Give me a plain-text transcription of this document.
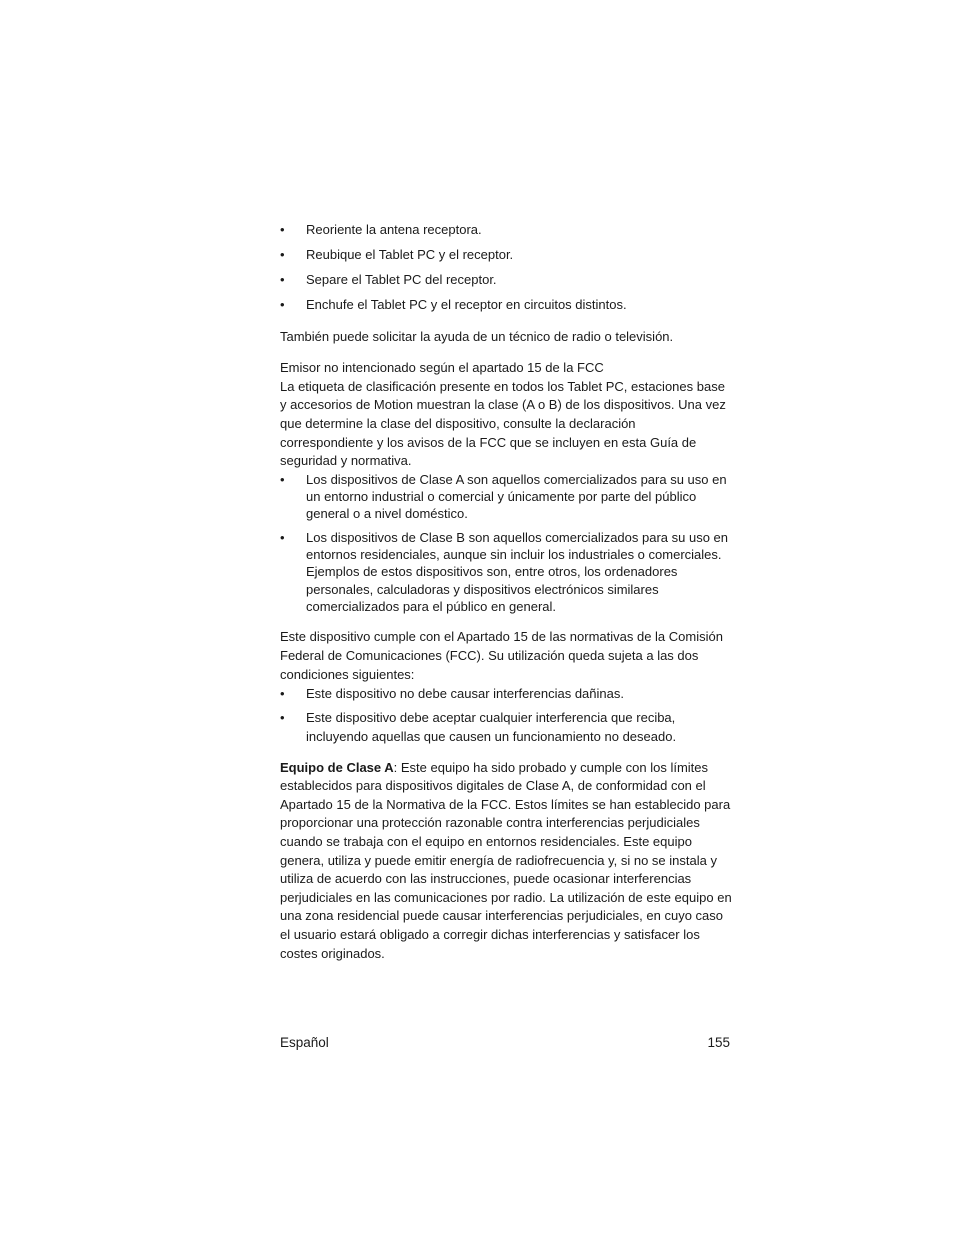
• Reoriente la antena receptora.
• Reubique el Tablet PC y el receptor.
• Separe el Tablet PC del receptor.
• Enchufe el Tablet PC y el receptor en circuitos distintos.

También puede solicitar la ayuda de un técnico de radio o televisión.

Emisor no intencionado según el apartado 15 de la FCC

La etiqueta de clasificación presente en todos los Tablet PC, estaciones base y accesorios de Motion muestran la clase (A o B) de los dispositivos. Una vez que determine la clase del dispositivo, consulte la declaración correspondiente y los avisos de la FCC que se incluyen en esta Guía de seguridad y normativa.

• Los dispositivos de Clase A son aquellos comercializados para su uso en un entorno industrial o comercial y únicamente por parte del público general o a nivel doméstico.
• Los dispositivos de Clase B son aquellos comercializados para su uso en entornos residenciales, aunque sin incluir los industriales o comerciales. Ejemplos de estos dispositivos son, entre otros, los ordenadores personales, calculadoras y dispositivos electrónicos similares comercializados para el público en general.

Este dispositivo cumple con el Apartado 15 de las normativas de la Comisión Federal de Comunicaciones (FCC). Su utilización queda sujeta a las dos condiciones siguientes:

• Este dispositivo no debe causar interferencias dañinas.
• Este dispositivo debe aceptar cualquier interferencia que reciba, incluyendo aquellas que causen un funcionamiento no deseado.

Equipo de Clase A: Este equipo ha sido probado y cumple con los límites establecidos para dispositivos digitales de Clase A, de conformidad con el Apartado 15 de la Normativa de la FCC. Estos límites se han establecido para proporcionar una protección razonable contra interferencias perjudiciales cuando se trabaja con el equipo en entornos residenciales. Este equipo genera, utiliza y puede emitir energía de radiofrecuencia y, si no se instala y utiliza de acuerdo con las instrucciones, puede ocasionar interferencias perjudiciales en las comunicaciones por radio. La utilización de este equipo en una zona residencial puede causar interferencias perjudiciales, en cuyo caso el usuario estará obligado a corregir dichas interferencias y satisfacer los costes originados.

Español	155
